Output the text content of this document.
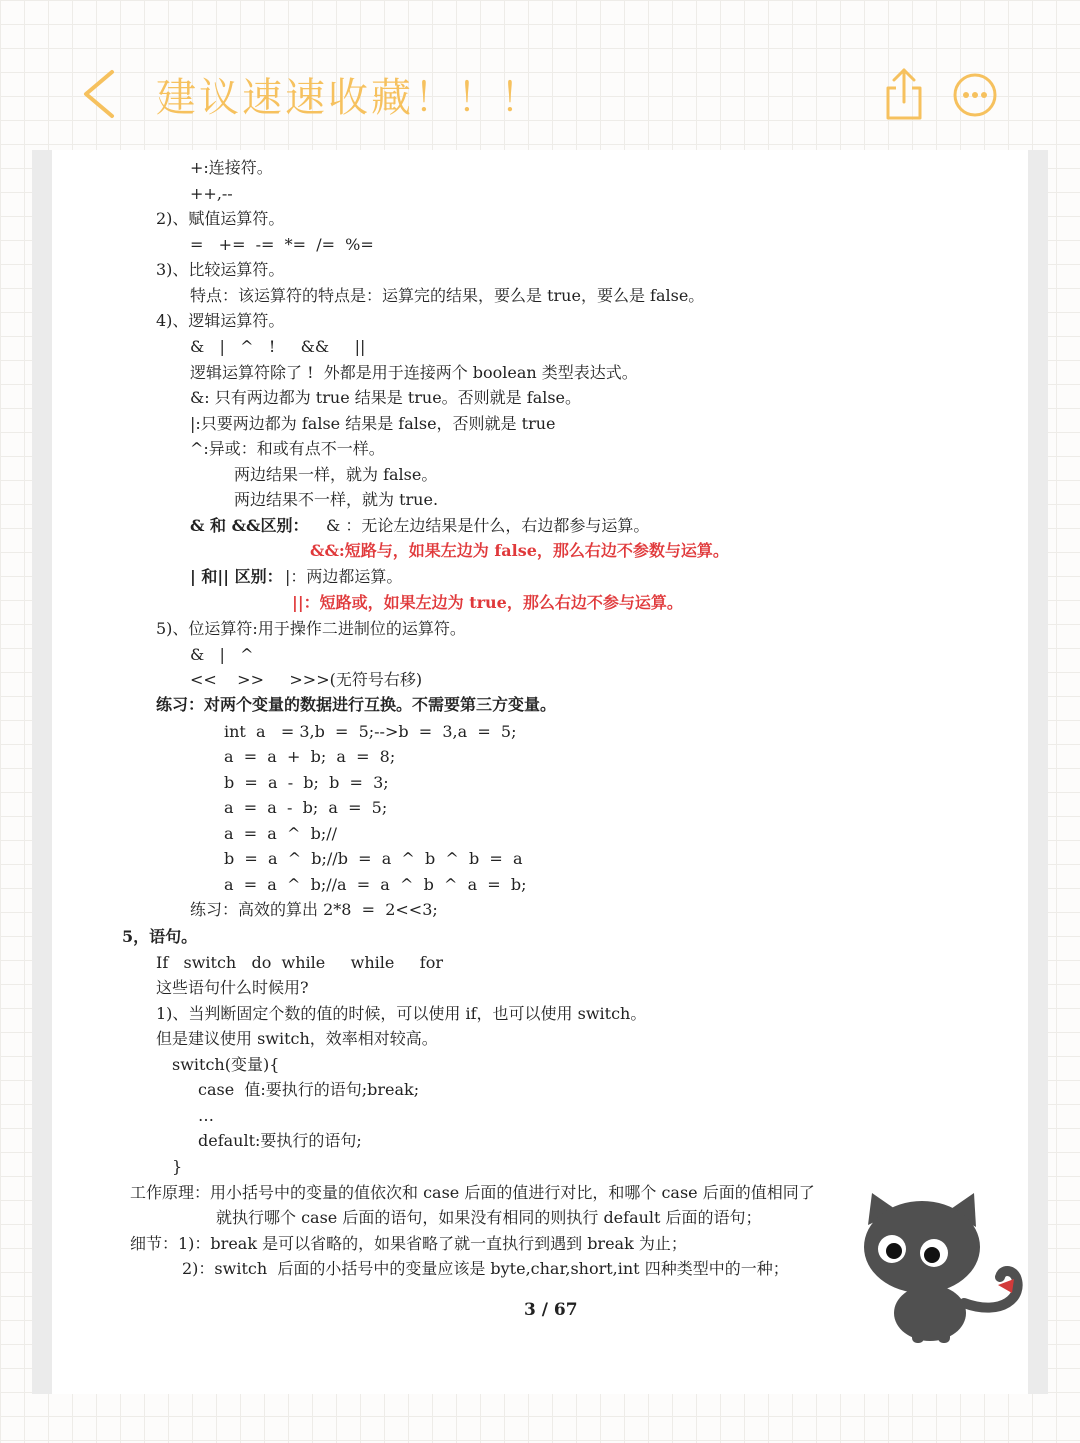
建议速速收藏！！！
+:连接符。
++,--
2)、赋值运算符。
=   +=  -=  *=  /=  %=
3)、比较运算符。
特点：该运算符的特点是：运算完的结果，要么是 true，要么是 false。
4)、逻辑运算符。
&   |   ^   !     &&     ||
逻辑运算符除了 !  外都是用于连接两个 boolean 类型表达式。
&: 只有两边都为 true 结果是 true。否则就是 false。
|:只要两边都为 false 结果是 false，否则就是 true
^:异或：和或有点不一样。
两边结果一样，就为 false。
两边结果不一样，就为 true.
& 和 &&区别： & ：无论左边结果是什么，右边都参与运算。
&&:短路与，如果左边为 false，那么右边不参数与运算。
| 和|| 区别： |：两边都运算。
||：短路或，如果左边为 true，那么右边不参与运算。
5)、位运算符:用于操作二进制位的运算符。
&   |   ^
<<    >>     >>>(无符号右移)
练习：对两个变量的数据进行互换。不需要第三方变量。
int  a   = 3,b  =  5;-->b  =  3,a  =  5;
a  =  a  +  b;  a  =  8;
b  =  a  -  b;  b  =  3;
a  =  a  -  b;  a  =  5;
a  =  a  ^  b;//
b  =  a  ^  b;//b  =  a  ^  b  ^  b  =  a
a  =  a  ^  b;//a  =  a  ^  b  ^  a  =  b;
练习：高效的算出 2*8  =  2<<3;
5，语句。
If   switch   do  while     while     for
这些语句什么时候用?
1)、当判断固定个数的值的时候，可以使用 if，也可以使用 switch。
但是建议使用 switch，效率相对较高。
switch(变量){
case  值:要执行的语句;break;
…
default:要执行的语句;
}
工作原理：用小括号中的变量的值依次和 case 后面的值进行对比，和哪个 case 后面的值相同了
就执行哪个 case 后面的语句，如果没有相同的则执行 default 后面的语句；
细节：1)：break 是可以省略的，如果省略了就一直执行到遇到 break 为止；
2)：switch  后面的小括号中的变量应该是 byte,char,short,int 四种类型中的一种；
3 / 67
